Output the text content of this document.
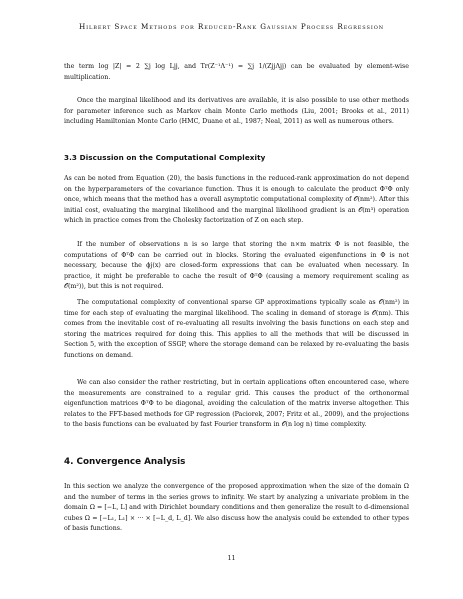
Hilbert Space Methods for Reduced-Rank Gaussian Process Regression

the term log |Z| = 2 ∑j log Ljj, and Tr(Z⁻¹Λ⁻¹) = ∑j 1/(ZjjΛjj) can be evaluated by element-wise multiplication.

Once the marginal likelihood and its derivatives are available, it is also possible to use other methods for parameter inference such as Markov chain Monte Carlo methods (Liu, 2001; Brooks et al., 2011) including Hamiltonian Monte Carlo (HMC, Duane et al., 1987; Neal, 2011) as well as numerous others.

3.3 Discussion on the Computational Complexity

As can be noted from Equation (20), the basis functions in the reduced-rank approximation do not depend on the hyperparameters of the covariance function. Thus it is enough to calculate the product ΦᵀΦ only once, which means that the method has a overall asymptotic computational complexity of 𝒪(nm²). After this initial cost, evaluating the marginal likelihood and the marginal likelihood gradient is an 𝒪(m³) operation which in practice comes from the Cholesky factorization of Z on each step.

If the number of observations n is so large that storing the n×m matrix Φ is not feasible, the computations of ΦᵀΦ can be carried out in blocks. Storing the evaluated eigenfunctions in Φ is not necessary, because the ϕj(x) are closed-form expressions that can be evaluated when necessary. In practice, it might be preferable to cache the result of ΦᵀΦ (causing a memory requirement scaling as 𝒪(m²)), but this is not required.

The computational complexity of conventional sparse GP approximations typically scale as 𝒪(nm²) in time for each step of evaluating the marginal likelihood. The scaling in demand of storage is 𝒪(nm). This comes from the inevitable cost of re-evaluating all results involving the basis functions on each step and storing the matrices required for doing this. This applies to all the methods that will be discussed in Section 5, with the exception of SSGP, where the storage demand can be relaxed by re-evaluating the basis functions on demand.

We can also consider the rather restricting, but in certain applications often encountered case, where the measurements are constrained to a regular grid. This causes the product of the orthonormal eigenfunction matrices ΦᵀΦ to be diagonal, avoiding the calculation of the matrix inverse altogether. This relates to the FFT-based methods for GP regression (Paciorek, 2007; Fritz et al., 2009), and the projections to the basis functions can be evaluated by fast Fourier transform in 𝒪(n log n) time complexity.

4. Convergence Analysis

In this section we analyze the convergence of the proposed approximation when the size of the domain Ω and the number of terms in the series grows to infinity. We start by analyzing a univariate problem in the domain Ω = [−L, L] and with Dirichlet boundary conditions and then generalize the result to d-dimensional cubes Ω = [−L₁, L₁] × ··· × [−L_d, L_d]. We also discuss how the analysis could be extended to other types of basis functions.

11
